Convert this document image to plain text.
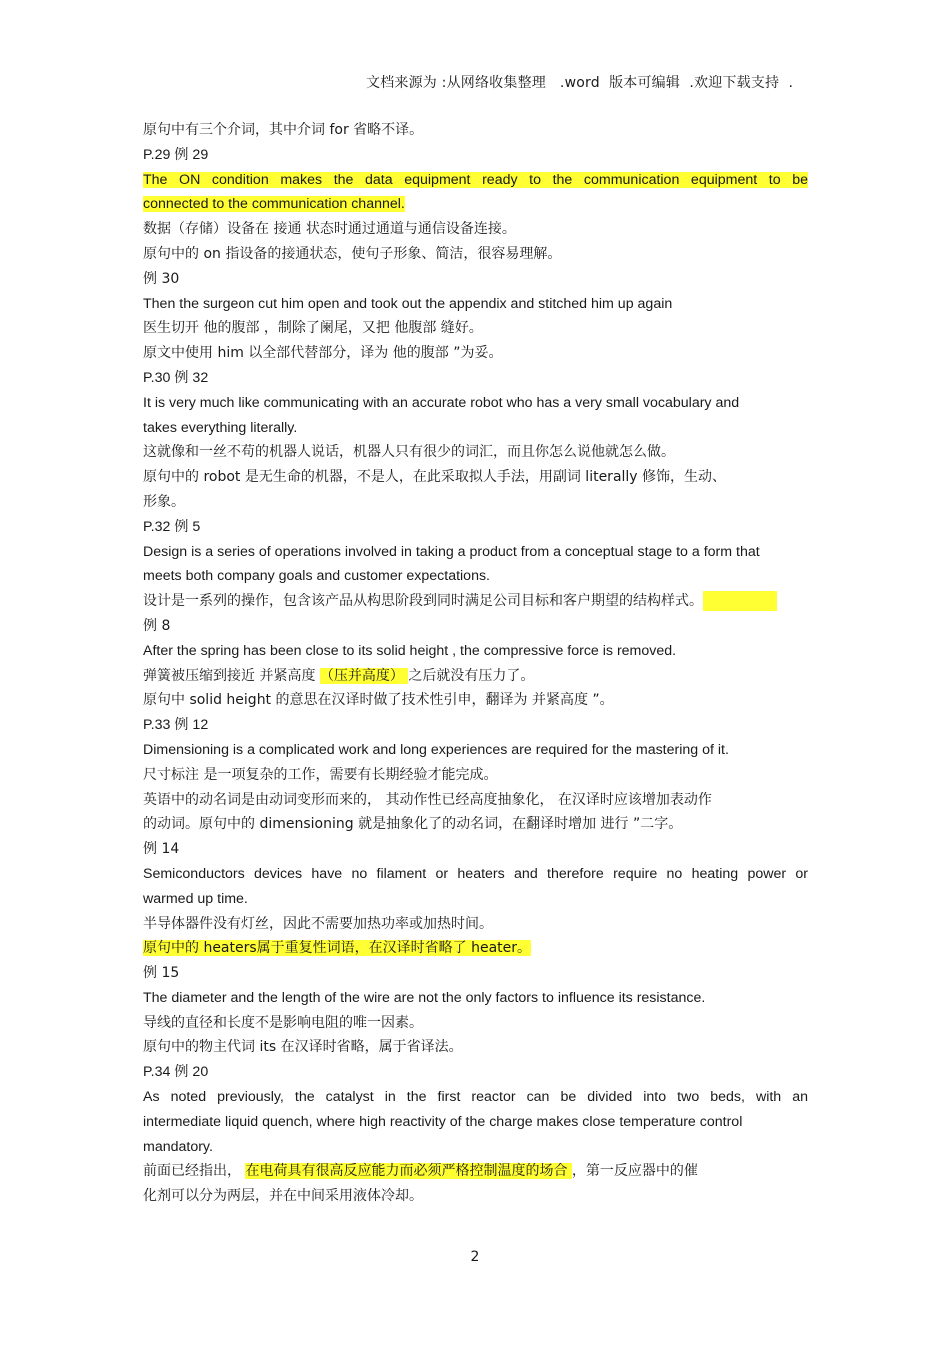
文档来源为 :从网络收集整理   .word  版本可编辑  .欢迎下载支持  .
原句中有三个介词，其中介词 for 省略不译。
P.29 例 29
The ON condition makes the data equipment ready to the communication equipment to be
connected to the communication channel.
数据（存储）设备在 接通 状态时通过通道与通信设备连接。
原句中的 on 指设备的接通状态，使句子形象、简洁，很容易理解。
例 30
Then the surgeon cut him open and took out the appendix and stitched him up again
医生切开 他的腹部 ，制除了阑尾，又把 他腹部 缝好。
原文中使用 him 以全部代替部分，译为 他的腹部 ”为妥。
P.30 例 32
It is very much like communicating with an accurate robot who has a very small vocabulary and
takes everything literally.
这就像和一丝不苟的机器人说话，机器人只有很少的词汇，而且你怎么说他就怎么做。
原句中的 robot 是无生命的机器，不是人，在此采取拟人手法，用副词 literally 修饰，生动、
形象。
P.32 例 5
Design is a series of operations involved in taking a product from a conceptual stage to a form that
meets both company goals and customer expectations.
设计是一系列的操作，包含该产品从构思阶段到同时满足公司目标和客户期望的结构样式。
例 8
After the spring has been close to its solid height , the compressive force is removed.
弹簧被压缩到接近 并紧高度 （压并高度） 之后就没有压力了。
原句中 solid height 的意思在汉译时做了技术性引申，翻译为 并紧高度 ”。
P.33 例 12
Dimensioning is a complicated work and long experiences are required for the mastering of it.
尺寸标注 是一项复杂的工作，需要有长期经验才能完成。
英语中的动名词是由动词变形而来的， 其动作性已经高度抽象化， 在汉译时应该增加表动作
的动词。原句中的 dimensioning 就是抽象化了的动名词，在翻译时增加 进行 ”二字。
例 14
Semiconductors devices have no filament or heaters and therefore require no heating power or
warmed up time.
半导体器件没有灯丝，因此不需要加热功率或加热时间。
原句中的 heaters属于重复性词语，在汉译时省略了 heater。
例 15
The diameter and the length of the wire are not the only factors to influence its resistance.
导线的直径和长度不是影响电阻的唯一因素。
原句中的物主代词 its 在汉译时省略，属于省译法。
P.34 例 20
As noted previously, the catalyst in the first reactor can be divided into two beds, with an
intermediate liquid quench, where high reactivity of the charge makes close temperature control
mandatory.
前面已经指出， 在电荷具有很高反应能力而必须严格控制温度的场合 ，第一反应器中的催
化剂可以分为两层，并在中间采用液体冷却。
2
